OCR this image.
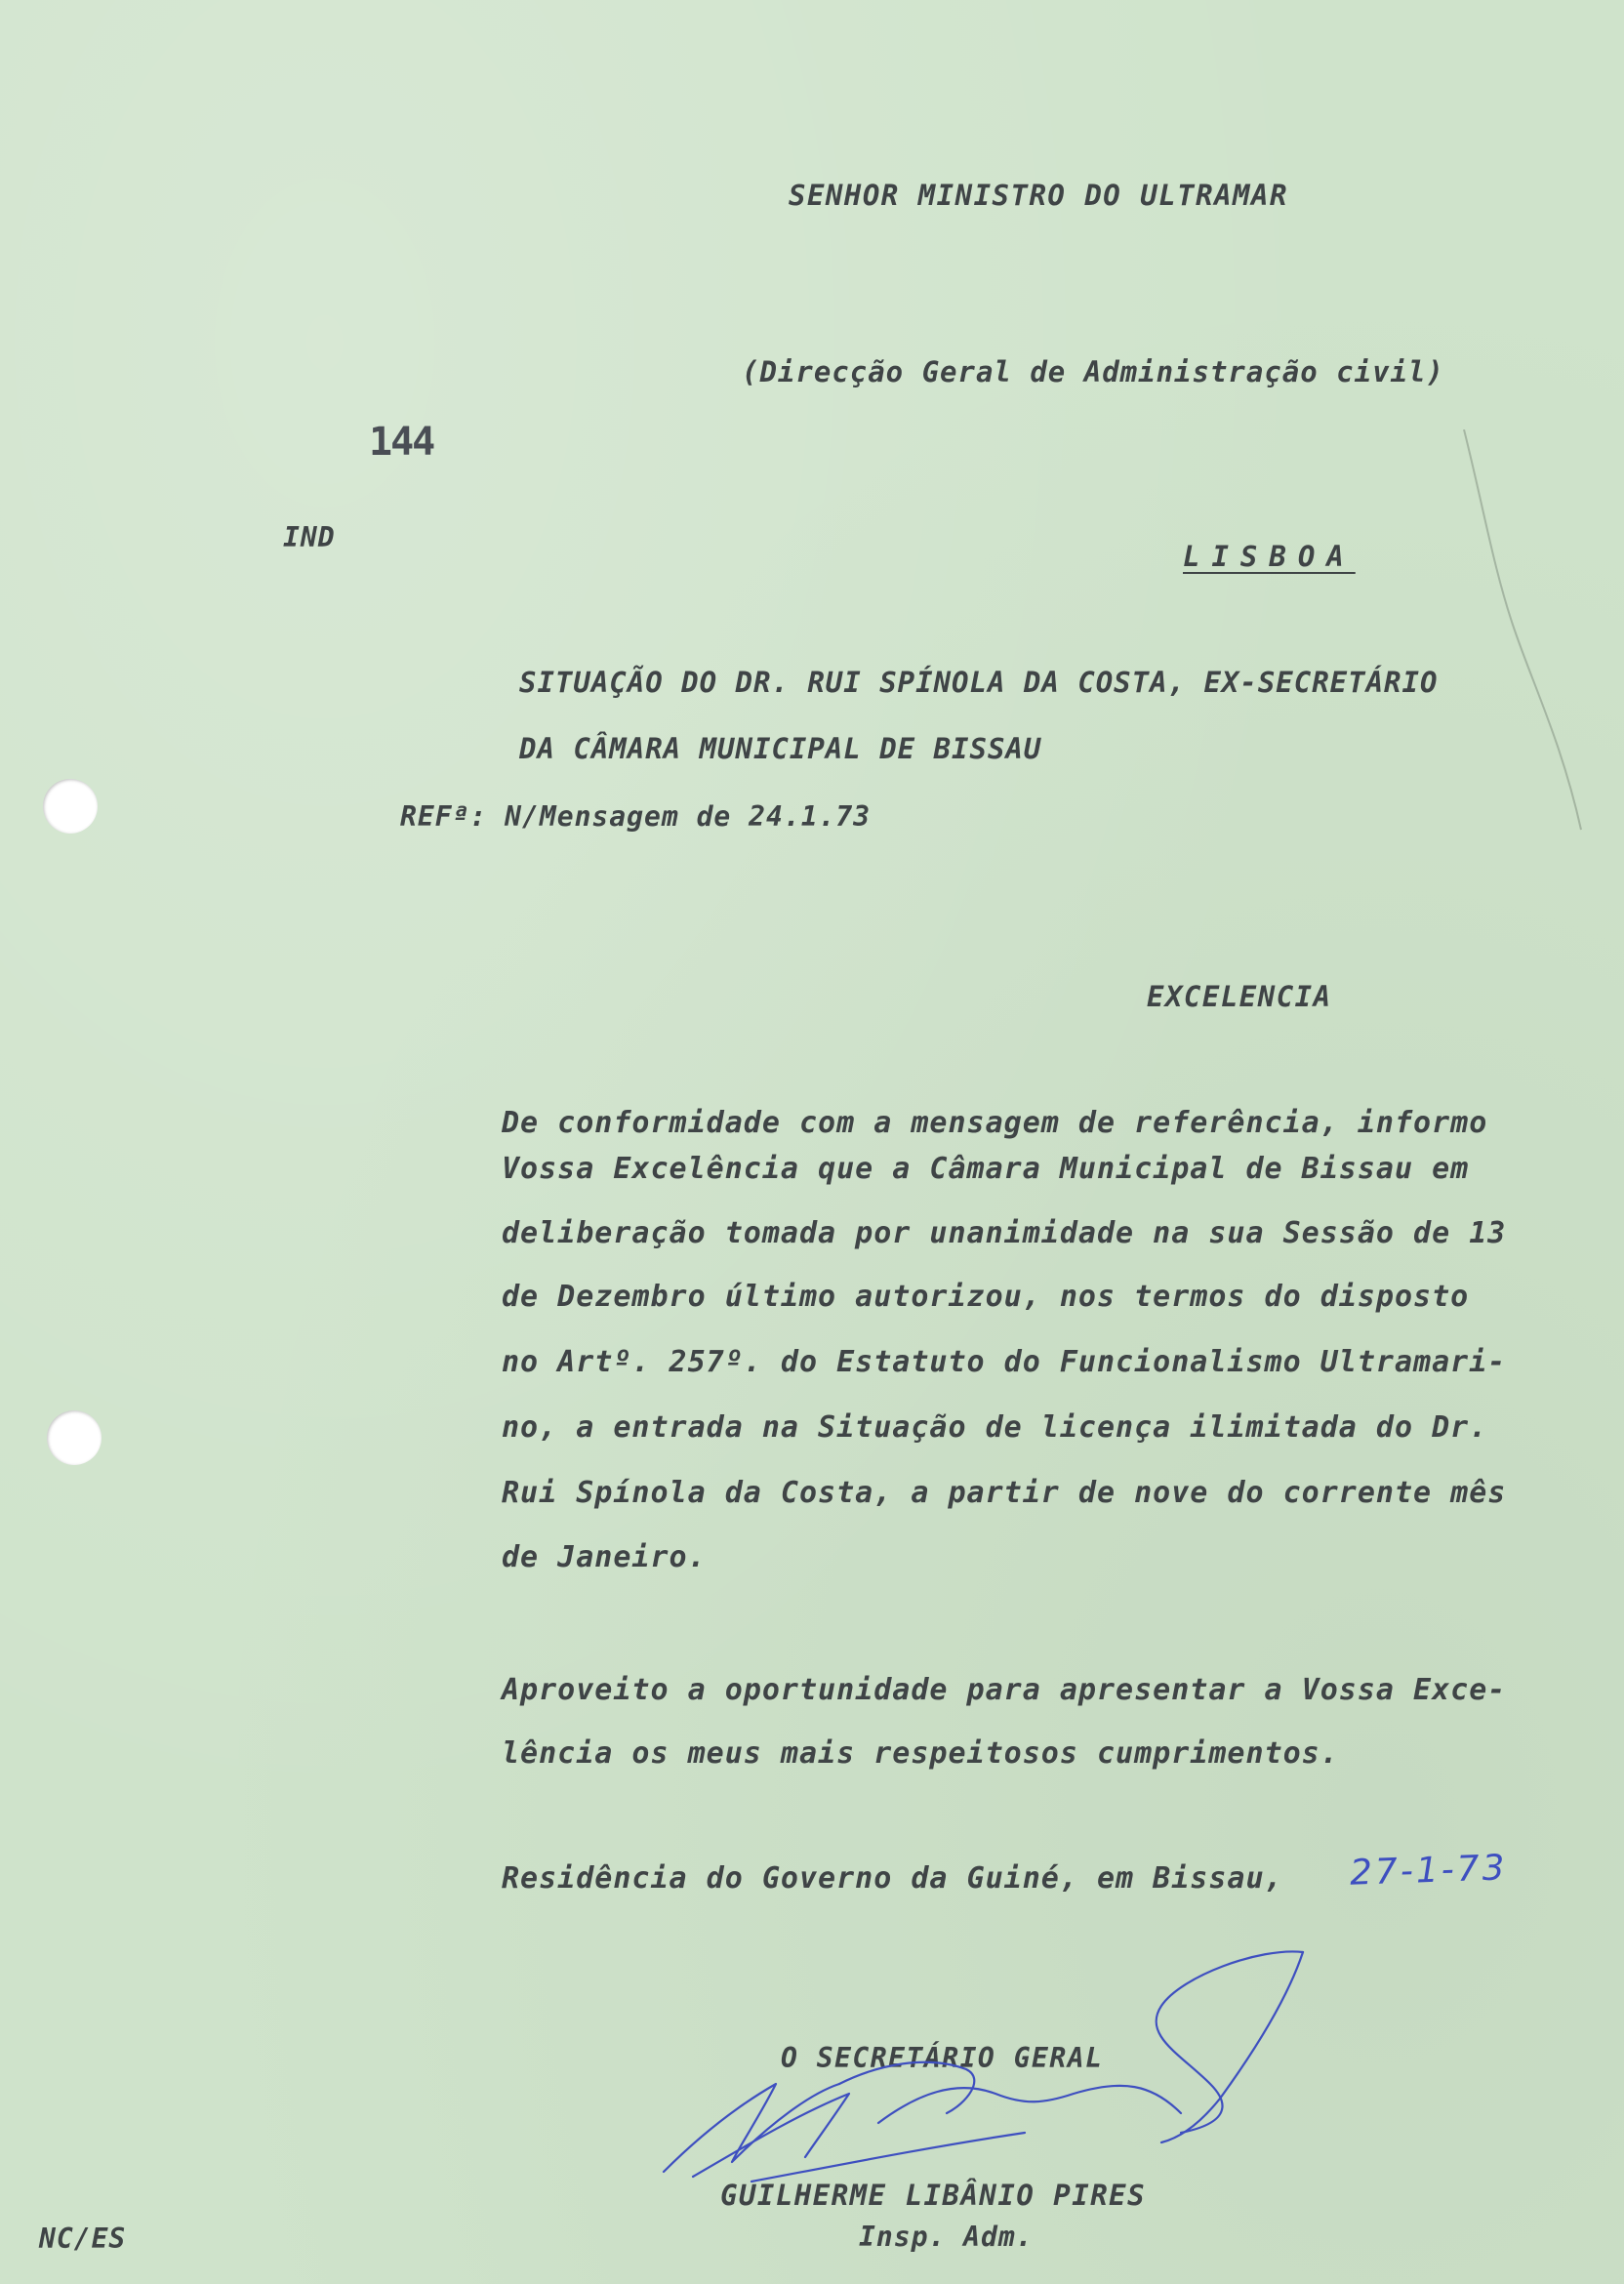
SENHOR MINISTRO DO ULTRAMAR
(Direcção Geral de Administração civil)
144
IND
LISBOA
SITUAÇÃO DO DR. RUI SPÍNOLA DA COSTA, EX-SECRETÁRIO
DA CÂMARA MUNICIPAL DE BISSAU
REFª: N/Mensagem de 24.1.73
EXCELENCIA
De conformidade com a mensagem de referência, informo
Vossa Excelência que a Câmara Municipal de Bissau em
deliberação tomada por unanimidade na sua Sessão de 13
de Dezembro último autorizou, nos termos do disposto
no Artº. 257º. do Estatuto do Funcionalismo Ultramari-
no, a entrada na Situação de licença ilimitada do Dr.
Rui Spínola da Costa, a partir de nove do corrente mês
de Janeiro.
Aproveito a oportunidade para apresentar a Vossa Exce-
lência os meus mais respeitosos cumprimentos.
Residência do Governo da Guiné, em Bissau, 27-1-73
O SECRETÁRIO GERAL
GUILHERME LIBÂNIO PIRES
Insp. Adm.
NC/ES
